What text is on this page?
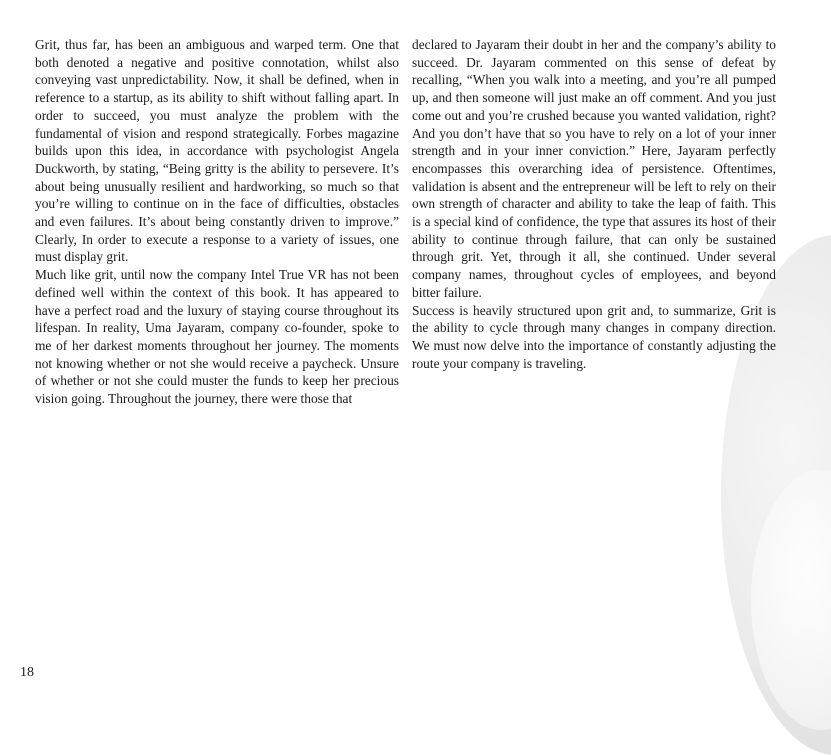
Grit, thus far, has been an ambiguous and warped term. One that both denoted a negative and positive connotation, whilst also conveying vast unpredictability. Now, it shall be defined, when in reference to a startup, as its ability to shift without falling apart. In order to succeed, you must analyze the problem with the fundamental of vision and respond strategically. Forbes magazine builds upon this idea, in accordance with psychologist Angela Duckworth, by stating, “Being gritty is the ability to persevere. It’s about being unusually resilient and hardworking, so much so that you’re willing to continue on in the face of difficulties, obstacles and even failures. It’s about being constantly driven to improve.” Clearly, In order to execute a response to a variety of issues, one must display grit.

Much like grit, until now the company Intel True VR has not been defined well within the context of this book. It has appeared to have a perfect road and the luxury of staying course throughout its lifespan. In reality, Uma Jayaram, company co-founder, spoke to me of her darkest moments throughout her journey. The moments not knowing whether or not she would receive a paycheck. Unsure of whether or not she could muster the funds to keep her precious vision going. Throughout the journey, there were those that

declared to Jayaram their doubt in her and the company’s ability to succeed. Dr. Jayaram commented on this sense of defeat by recalling, “When you walk into a meeting, and you’re all pumped up, and then someone will just make an off comment. And you just come out and you’re crushed because you wanted validation, right? And you don’t have that so you have to rely on a lot of your inner strength and in your inner conviction.” Here, Jayaram perfectly encompasses this overarching idea of persistence. Oftentimes, validation is absent and the entrepreneur will be left to rely on their own strength of character and ability to take the leap of faith. This is a special kind of confidence, the type that assures its host of their ability to continue through failure, that can only be sustained through grit. Yet, through it all, she continued. Under several company names, throughout cycles of employees, and beyond bitter failure.

Success is heavily structured upon grit and, to summarize, Grit is the ability to cycle through many changes in company direction. We must now delve into the importance of constantly adjusting the route your company is traveling.

18
